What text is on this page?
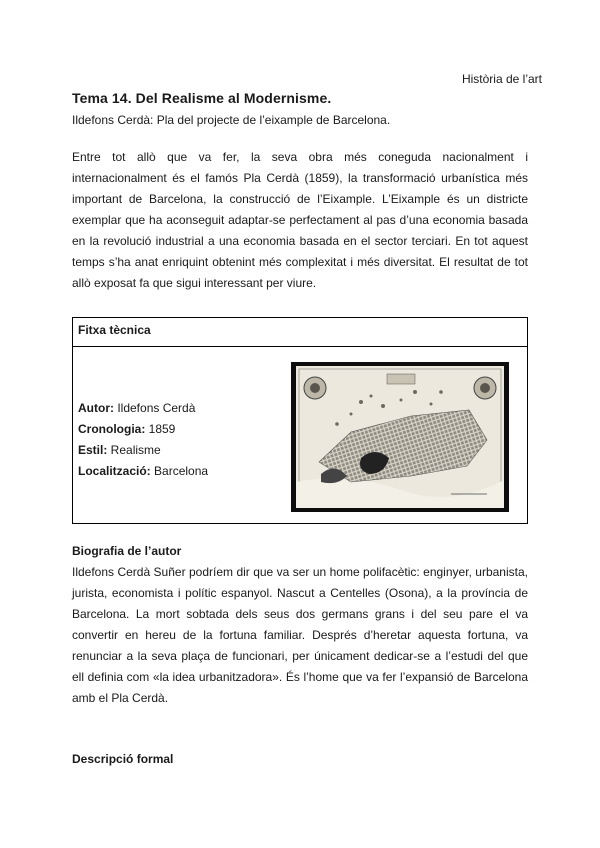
Història de l’art
Tema 14. Del Realisme al Modernisme.
Ildefons Cerdà: Pla del projecte de l’eixample de Barcelona.
Entre tot allò que va fer, la seva obra més coneguda nacionalment i internacionalment és el famós Pla Cerdà (1859), la transformació urbanística més important de Barcelona, la construcció de l’Eixample. L’Eixample és un districte exemplar que ha aconseguit adaptar-se perfectament al pas d’una economia basada en la revolució industrial a una economia basada en el sector terciari. En tot aquest temps s’ha anat enriquint obtenint més complexitat i més diversitat. El resultat de tot allò exposat fa que sigui interessant per viure.
Fitxa tècnica
Autor: Ildefons Cerdà
Cronologia: 1859
Estil: Realisme
Localització: Barcelona
Biografia de l’autor
Ildefons Cerdà Suñer podríem dir que va ser un home polifacètic: enginyer, urbanista, jurista, economista i polític espanyol. Nascut a Centelles (Osona), a la província de Barcelona. La mort sobtada dels seus dos germans grans i del seu pare el va convertir en hereu de la fortuna familiar. Després d’heretar aquesta fortuna, va renunciar a la seva plaça de funcionari, per únicament dedicar-se a l’estudi del que ell definia com «la idea urbanitzadora». És l’home que va fer l’expansió de Barcelona amb el Pla Cerdà.
Descripció formal
